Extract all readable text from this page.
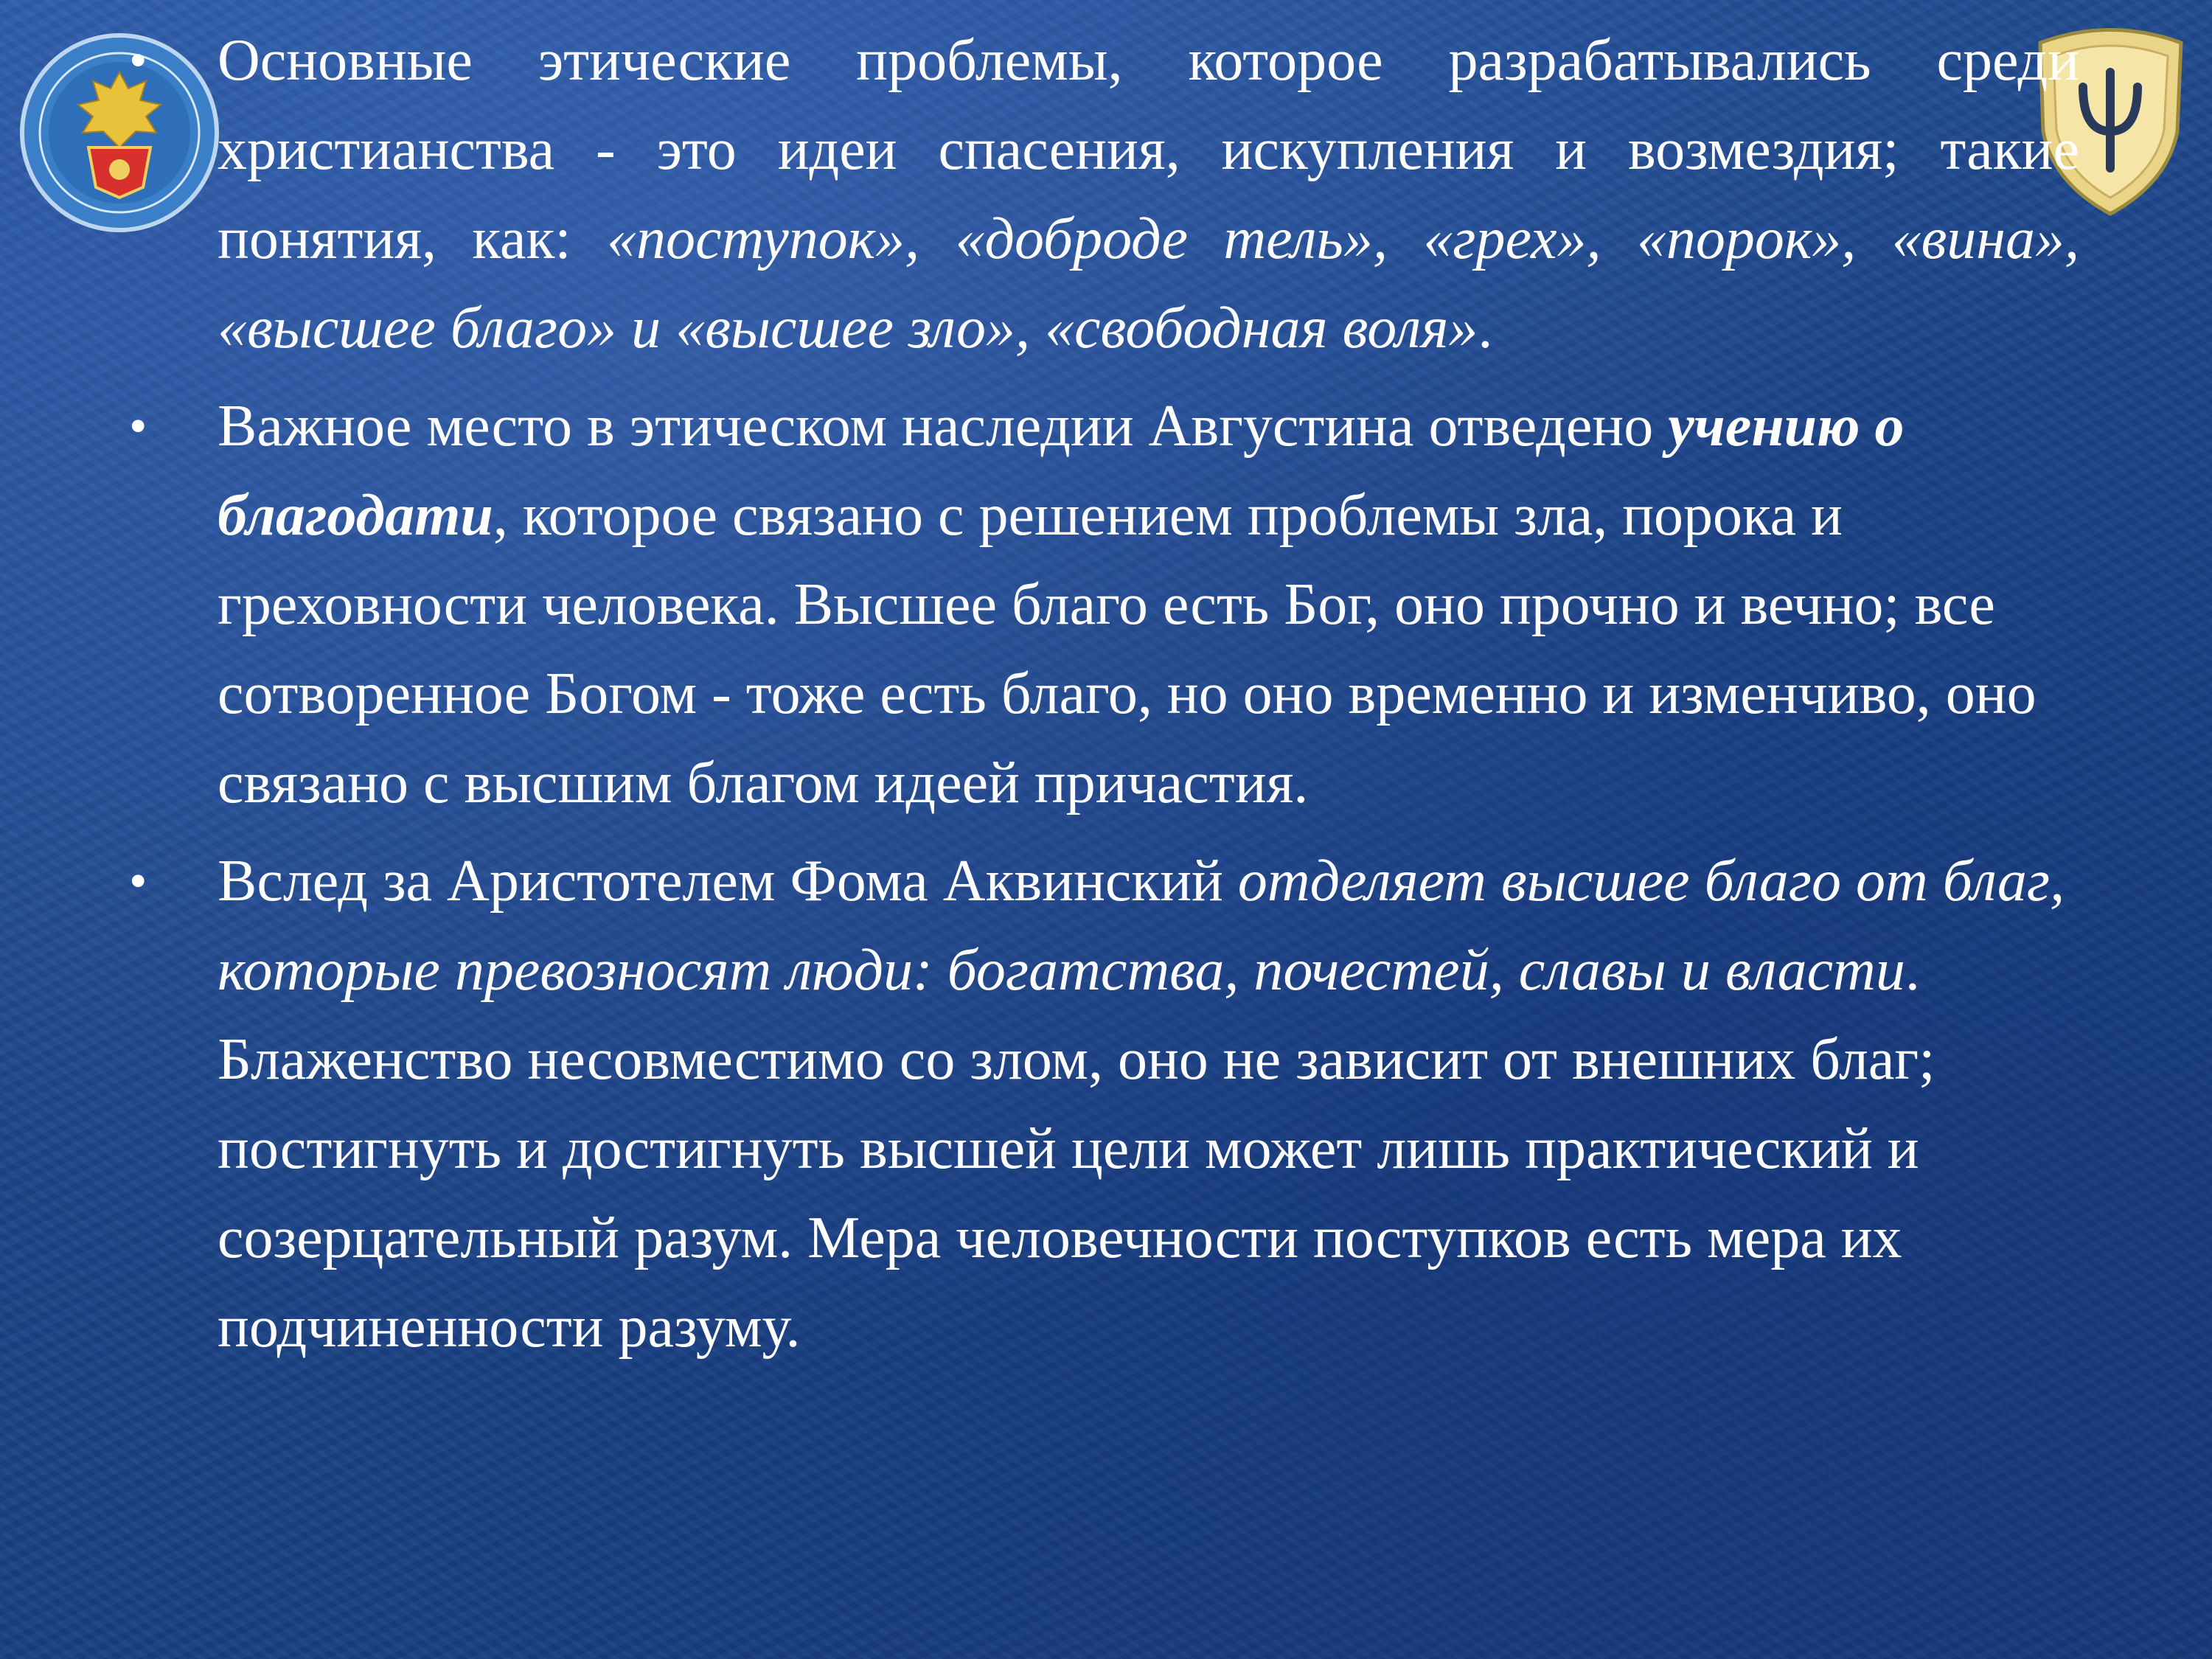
•	Основные этические проблемы, которое разрабатывались среди христианства - это идеи спасения, искупления и возмездия; такие понятия, как: «поступок», «доброде тель», «грех», «порок», «вина», «высшее благо» и «высшее зло», «свободная воля».
•	Важное место в этическом наследии Августина отведено учению о благодати, которое связано с решением проблемы зла, порока и греховности человека. Высшее благо есть Бог, оно прочно и вечно; все сотворенное Богом - тоже есть благо, но оно временно и изменчиво, оно связано с высшим благом идеей причастия.
•	Вслед за Аристотелем Фома Аквинский отделяет высшее благо от благ, которые превозносят люди: богатства, почестей, славы и власти. Блаженство несовместимо со злом, оно не зависит от внешних благ; постигнуть и достигнуть высшей цели может лишь практический и созерцательный разум. Мера человечности поступков есть мера их подчиненности разуму.
